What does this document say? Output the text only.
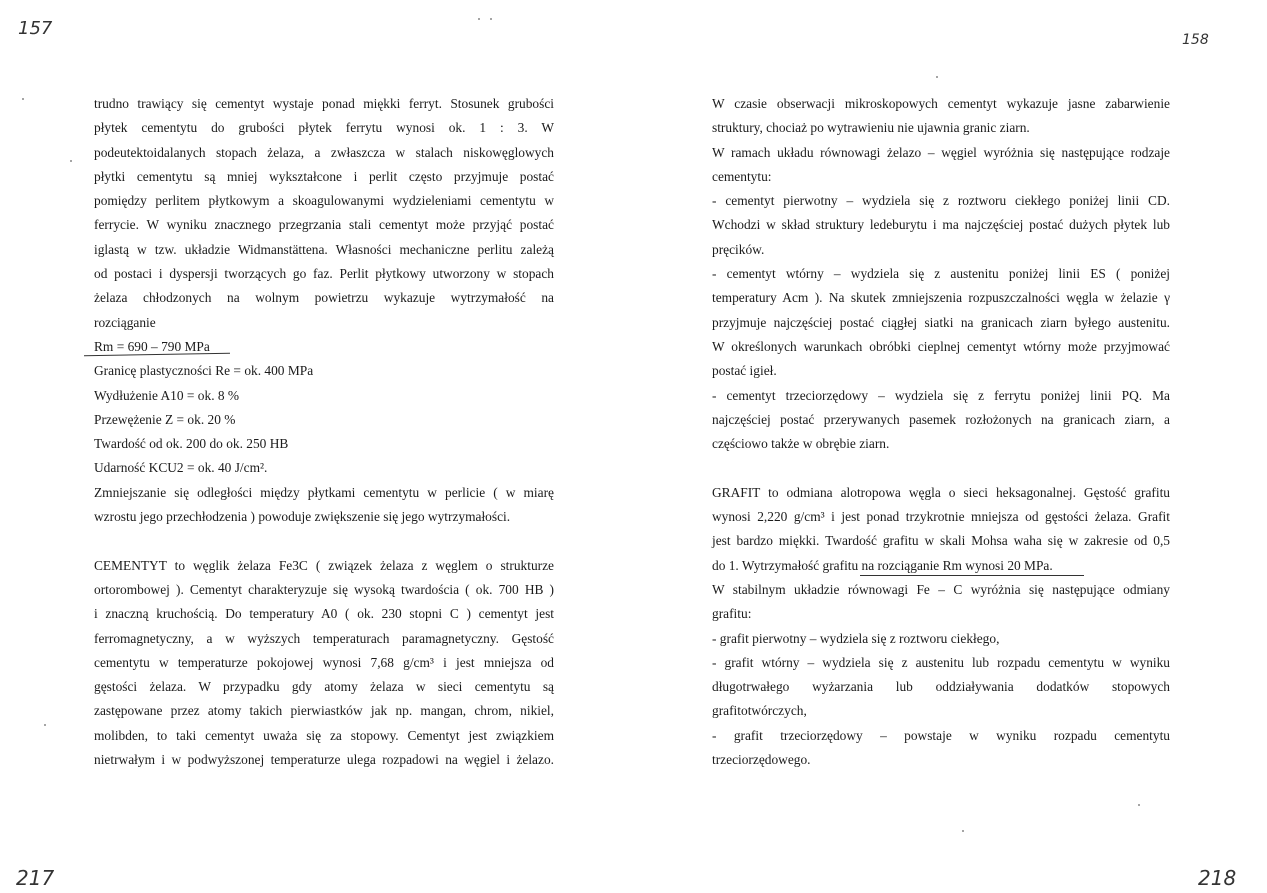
157
158
217	218
trudno trawiący się cementyt wystaje ponad miękki ferryt. Stosunek grubości
płytek cementytu do grubości płytek ferrytu wynosi ok. 1 : 3. W
podeutektoidalanych stopach żelaza, a zwłaszcza w stalach niskowęglowych
płytki cementytu są mniej wykształcone i perlit często przyjmuje postać
pomiędzy perlitem płytkowym a skoagulowanymi wydzieleniami cementytu w
ferrycie. W wyniku znacznego przegrzania stali cementyt może przyjąć postać
iglastą w tzw. układzie Widmanstättena. Własności mechaniczne perlitu zależą
od postaci i dyspersji tworzących go faz. Perlit płytkowy utworzony w stopach
żelaza chłodzonych na wolnym powietrzu wykazuje wytrzymałość na
rozciąganie
Rm = 690 – 790 MPa
Granicę plastyczności Re = ok. 400 MPa
Wydłużenie A10 = ok. 8 %
Przewężenie Z = ok. 20 %
Twardość od ok. 200 do ok. 250 HB
Udarność KCU2 = ok. 40 J/cm².
Zmniejszanie się odległości między płytkami cementytu w perlicie ( w miarę
wzrostu jego przechłodzenia ) powoduje zwiększenie się jego wytrzymałości.
CEMENTYT to węglik żelaza Fe3C ( związek żelaza z węglem o strukturze
ortorombowej ). Cementyt charakteryzuje się wysoką twardościa ( ok. 700 HB )
i znaczną kruchością. Do temperatury A0 ( ok. 230 stopni C ) cementyt jest
ferromagnetyczny, a w wyższych temperaturach paramagnetyczny. Gęstość
cementytu w temperaturze pokojowej wynosi 7,68 g/cm³ i jest mniejsza od
gęstości żelaza. W przypadku gdy atomy żelaza w sieci cementytu są
zastępowane przez atomy takich pierwiastków jak np. mangan, chrom, nikiel,
molibden, to taki cementyt uważa się za stopowy. Cementyt jest związkiem
nietrwałym i w podwyższonej temperaturze ulega rozpadowi na węgiel i żelazo.
W czasie obserwacji mikroskopowych cementyt wykazuje jasne zabarwienie
struktury, chociaż po wytrawieniu nie ujawnia granic ziarn.
W ramach układu równowagi żelazo – węgiel wyróżnia się następujące rodzaje
cementytu:
- cementyt pierwotny – wydziela się z roztworu ciekłego poniżej linii CD.
Wchodzi w skład struktury ledeburytu i ma najczęściej postać dużych płytek lub
pręcików.
- cementyt wtórny – wydziela się z austenitu poniżej linii ES ( poniżej
temperatury Acm ). Na skutek zmniejszenia rozpuszczalności węgla w żelazie γ
przyjmuje najczęściej postać ciągłej siatki na granicach ziarn byłego austenitu.
W określonych warunkach obróbki cieplnej cementyt wtórny może przyjmować
postać igieł.
- cementyt trzeciorzędowy – wydziela się z ferrytu poniżej linii PQ. Ma
najczęściej postać przerywanych pasemek rozłożonych na granicach ziarn, a
częściowo także w obrębie ziarn.
GRAFIT to odmiana alotropowa węgla o sieci heksagonalnej. Gęstość grafitu
wynosi 2,220 g/cm³ i jest ponad trzykrotnie mniejsza od gęstości żelaza. Grafit
jest bardzo miękki. Twardość grafitu w skali Mohsa waha się w zakresie od 0,5
do 1. Wytrzymałość grafitu na rozciąganie Rm wynosi 20 MPa.
W stabilnym układzie równowagi Fe – C wyróżnia się następujące odmiany
grafitu:
- grafit pierwotny – wydziela się z roztworu ciekłego,
- grafit wtórny – wydziela się z austenitu lub rozpadu cementytu w wyniku
długotrwałego wyżarzania lub oddziaływania dodatków stopowych
grafitotwórczych,
- grafit trzeciorzędowy – powstaje w wyniku rozpadu cementytu
trzeciorzędowego.
